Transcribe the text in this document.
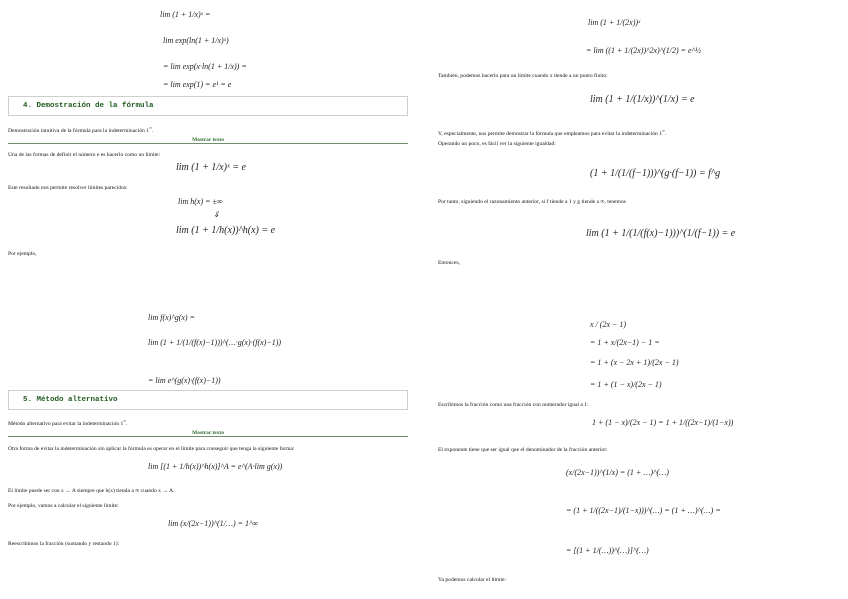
lim (1 + 1/x)ˣ =
lim exp(ln(1 + 1/x)ˣ)
= lim exp(x·ln(1 + 1/x)) =
= lim exp(1) = e¹ = e
4. Demostración de la fórmula
Demostración intuitiva de la fórmula para la indeterminación 1∞.
Mostrar texto
Una de las formas de definir el número e es hacerlo como un límite:
lim (1 + 1/x)ˣ = e
Este resultado nos permite resolver límites parecidos:
lim h(x) = ±∞
⇓
lim (1 + 1/h(x))^h(x) = e
Por ejemplo,
lim f(x)^g(x) =
lim (1 + 1/(1/(f(x)−1)))^(…·g(x)·(f(x)−1))
= lim e^(g(x)·(f(x)−1))
5. Método alternativo
Método alternativo para evitar la indeterminación 1∞.
Mostrar texto
Otra forma de evitar la indeterminación sin aplicar la fórmula es operar en el límite para conseguir que tenga la siguiente forma:
lim [(1 + 1/h(x))^h(x)]^A = e^(A·lim g(x))
El límite puede ser con x → A siempre que h(x) tienda a ∞ cuando x → A.
Por ejemplo, vamos a calcular el siguiente límite:
lim (x/(2x−1))^(1/…) = 1^∞
Reescribimos la fracción (sumando y restando 1):
lim (1 + 1/(2x))ˣ
= lim ((1 + 1/(2x))^2x)^(1/2) = e^½
También, podemos hacerlo para un límite cuando x tiende a un punto finito:
lim (1 + 1/(1/x))^(1/x) = e
Y, especialmente, nos permite demostrar la fórmula que empleamos para evitar la indeterminación 1∞.
Operando un poco, es fácil ver la siguiente igualdad:
(1 + 1/(1/(f−1)))^(g·(f−1)) = f^g
Por tanto, siguiendo el razonamiento anterior, si f tiende a 1 y g tiende a ∞, tenemos
lim (1 + 1/(1/(f(x)−1)))^(1/(f−1)) = e
Entonces,
x / (2x − 1)
= 1 + x/(2x−1) − 1 =
= 1 + (x − 2x + 1)/(2x − 1)
= 1 + (1 − x)/(2x − 1)
Escribimos la fracción como una fracción con numerador igual a 1:
1 + (1 − x)/(2x − 1) = 1 + 1/((2x−1)/(1−x))
El exponente tiene que ser igual que el denominador de la fracción anterior:
(x/(2x−1))^(1/x) = (1 + …)^(…)
= (1 + 1/((2x−1)/(1−x)))^(…) = (1 + …)^(…) =
= [(1 + 1/(…))^(…)]^(…)
Ya podemos calcular el límite:
